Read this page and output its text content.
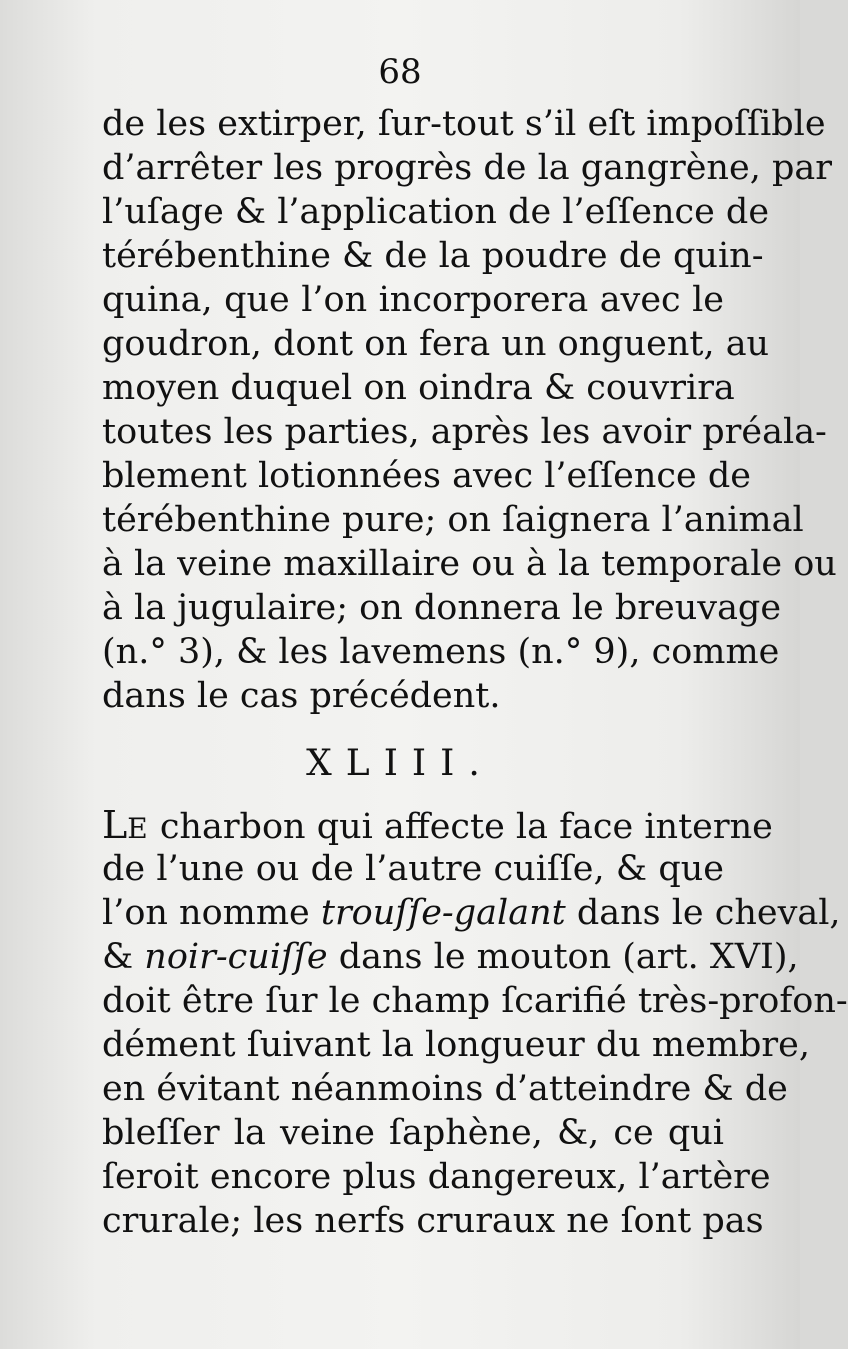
68
de les extirper, ſur-tout s’il eſt impoſſible
d’arrêter les progrès de la gangrène, par
l’uſage & l’application de l’eſſence de
térébenthine & de la poudre de quin-
quina, que l’on incorporera avec le
goudron, dont on fera un onguent, au
moyen duquel on oindra & couvrira
toutes les parties, après les avoir préala-
blement lotionnées avec l’eſſence de
térébenthine pure; on ſaignera l’animal
à la veine maxillaire ou à la temporale ou
à la jugulaire; on donnera le breuvage
(n.° 3), & les lavemens (n.° 9), comme
dans le cas précédent.
XLIII.
LE charbon qui affecte la face interne
de l’une ou de l’autre cuiſſe, & que
l’on nomme trouſſe-galant dans le cheval,
& noir-cuiſſe dans le mouton (art. XVI),
doit être ſur le champ ſcarifié très-profon-
dément ſuivant la longueur du membre,
en évitant néanmoins d’atteindre & de
bleſſer la veine ſaphène, &, ce qui
ſeroit encore plus dangereux, l’artère
crurale; les nerfs cruraux ne ſont pas
